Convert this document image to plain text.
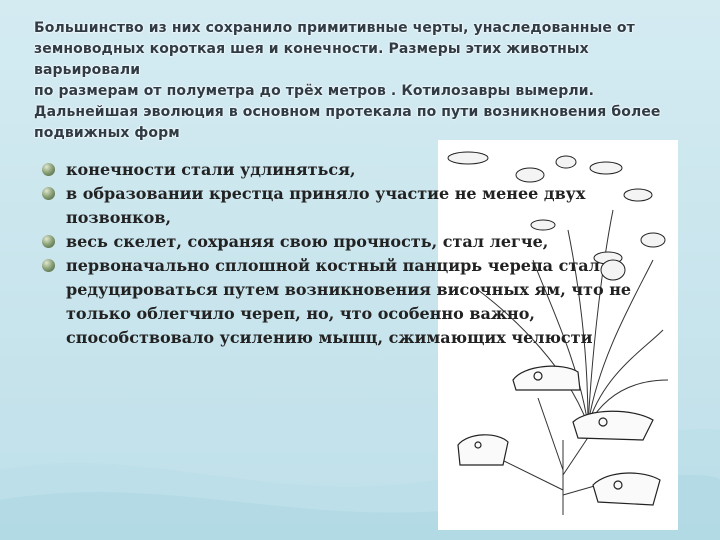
Большинство из них сохранило примитивные черты, унаследованные от

земноводных короткая шея и конечности. Размеры этих животных варьировали

по размерам от полуметра до трёх метров . Котилозавры вымерли.

Дальнейшая эволюция в основном протекала по пути возникновения более

подвижных форм

конечности стали удлиняться,
в образовании крестца приняло участие не менее двух позвонков,
весь скелет, сохраняя свою прочность, стал легче,
первоначально сплошной костный панцирь черепа стал редуцироваться путем возникновения височных ям, что не только облегчило череп, но, что особенно важно, способствовало усилению мышц, сжимающих челюсти
